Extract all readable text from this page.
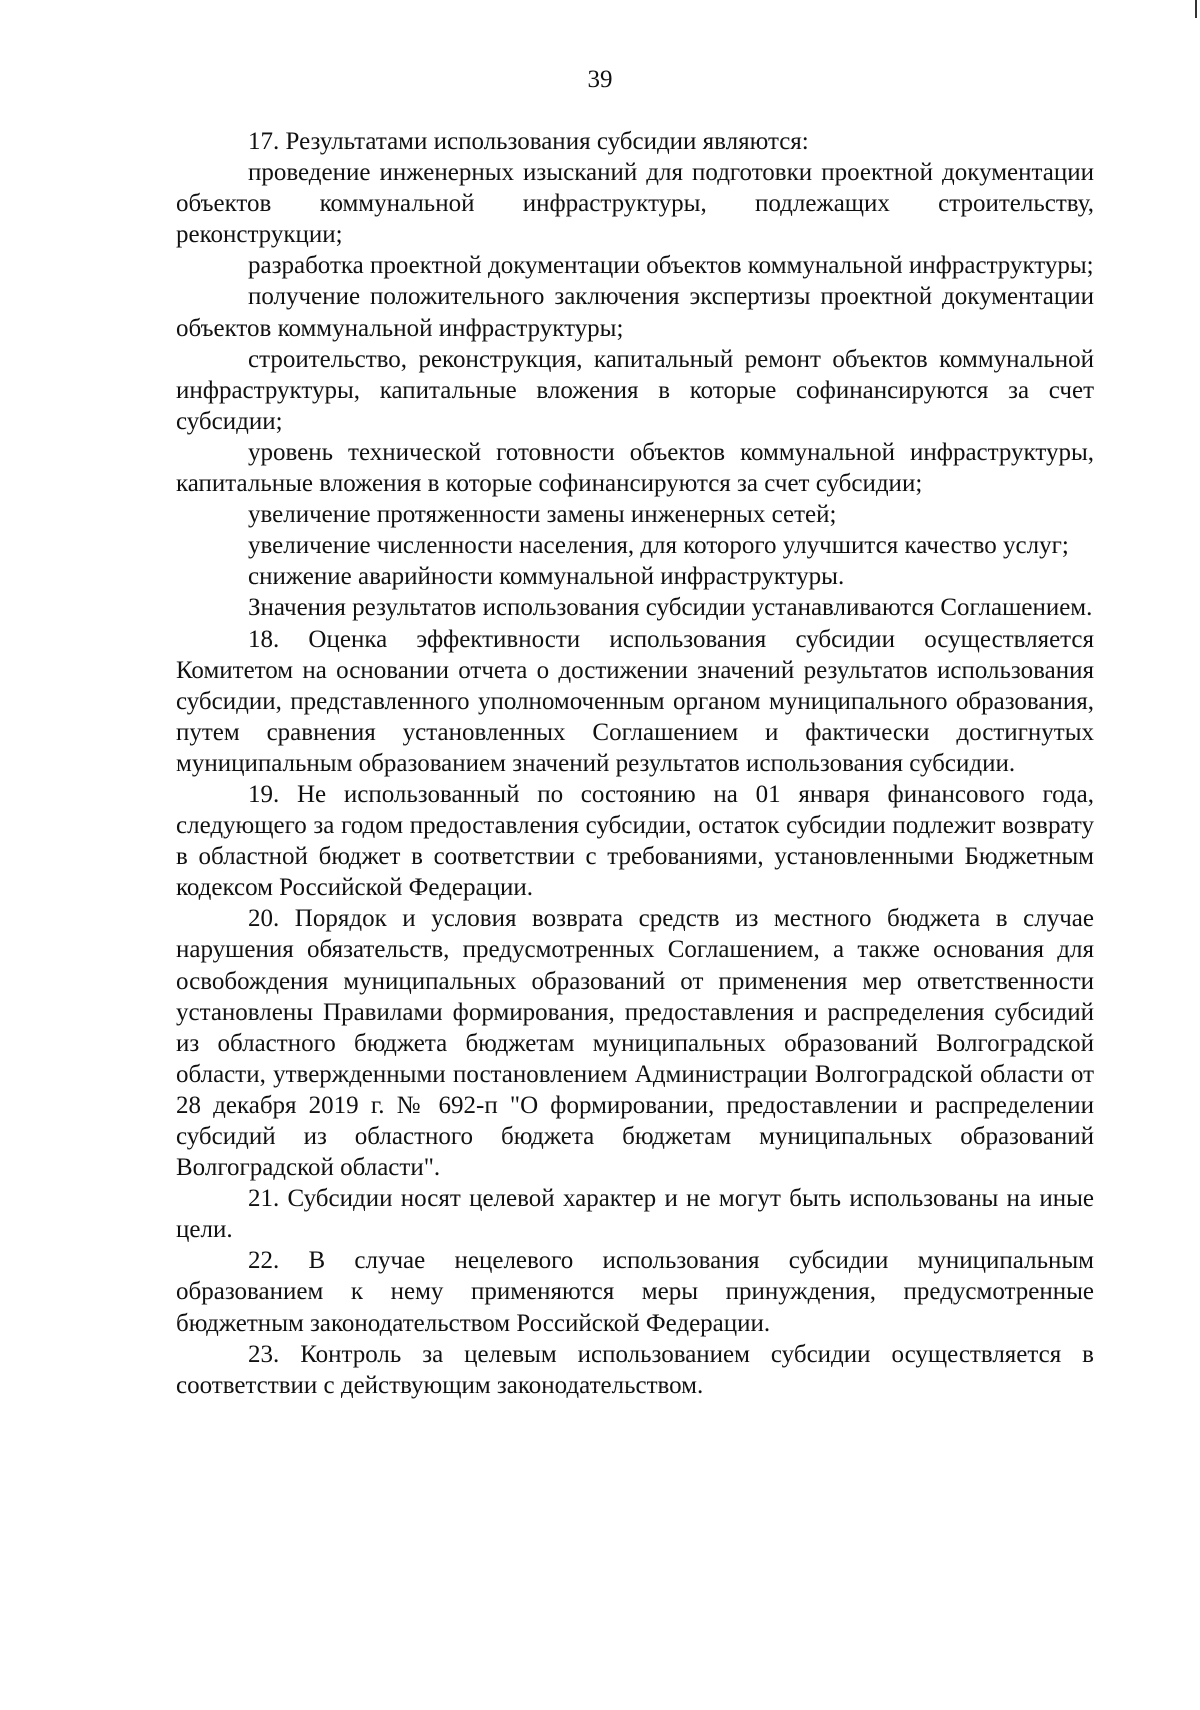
39

17. Результатами использования субсидии являются:

проведение инженерных изысканий для подготовки проектной документации объектов коммунальной инфраструктуры, подлежащих строительству, реконструкции;

разработка проектной документации объектов коммунальной инфраструктуры;

получение положительного заключения экспертизы проектной документации объектов коммунальной инфраструктуры;

строительство, реконструкция, капитальный ремонт объектов коммунальной инфраструктуры, капитальные вложения в которые софинансируются за счет субсидии;

уровень технической готовности объектов коммунальной инфраструктуры, капитальные вложения в которые софинансируются за счет субсидии;

увеличение протяженности замены инженерных сетей;

увеличение численности населения, для которого улучшится качество услуг;

снижение аварийности коммунальной инфраструктуры.

Значения результатов использования субсидии устанавливаются Соглашением.

18. Оценка эффективности использования субсидии осуществляется Комитетом на основании отчета о достижении значений результатов использования субсидии, представленного уполномоченным органом муниципального образования, путем сравнения установленных Соглашением и фактически достигнутых муниципальным образованием значений результатов использования субсидии.

19. Не использованный по состоянию на 01 января финансового года, следующего за годом предоставления субсидии, остаток субсидии подлежит возврату в областной бюджет в соответствии с требованиями, установленными Бюджетным кодексом Российской Федерации.

20. Порядок и условия возврата средств из местного бюджета в случае нарушения обязательств, предусмотренных Соглашением, а также основания для освобождения муниципальных образований от применения мер ответственности установлены Правилами формирования, предоставления и распределения субсидий из областного бюджета бюджетам муниципальных образований Волгоградской области, утвержденными постановлением Администрации Волгоградской области от 28 декабря 2019 г. № 692-п "О формировании, предоставлении и распределении субсидий из областного бюджета бюджетам муниципальных образований Волгоградской области".

21. Субсидии носят целевой характер и не могут быть использованы на иные цели.

22. В случае нецелевого использования субсидии муниципальным образованием к нему применяются меры принуждения, предусмотренные бюджетным законодательством Российской Федерации.

23. Контроль за целевым использованием субсидии осуществляется в соответствии с действующим законодательством.
